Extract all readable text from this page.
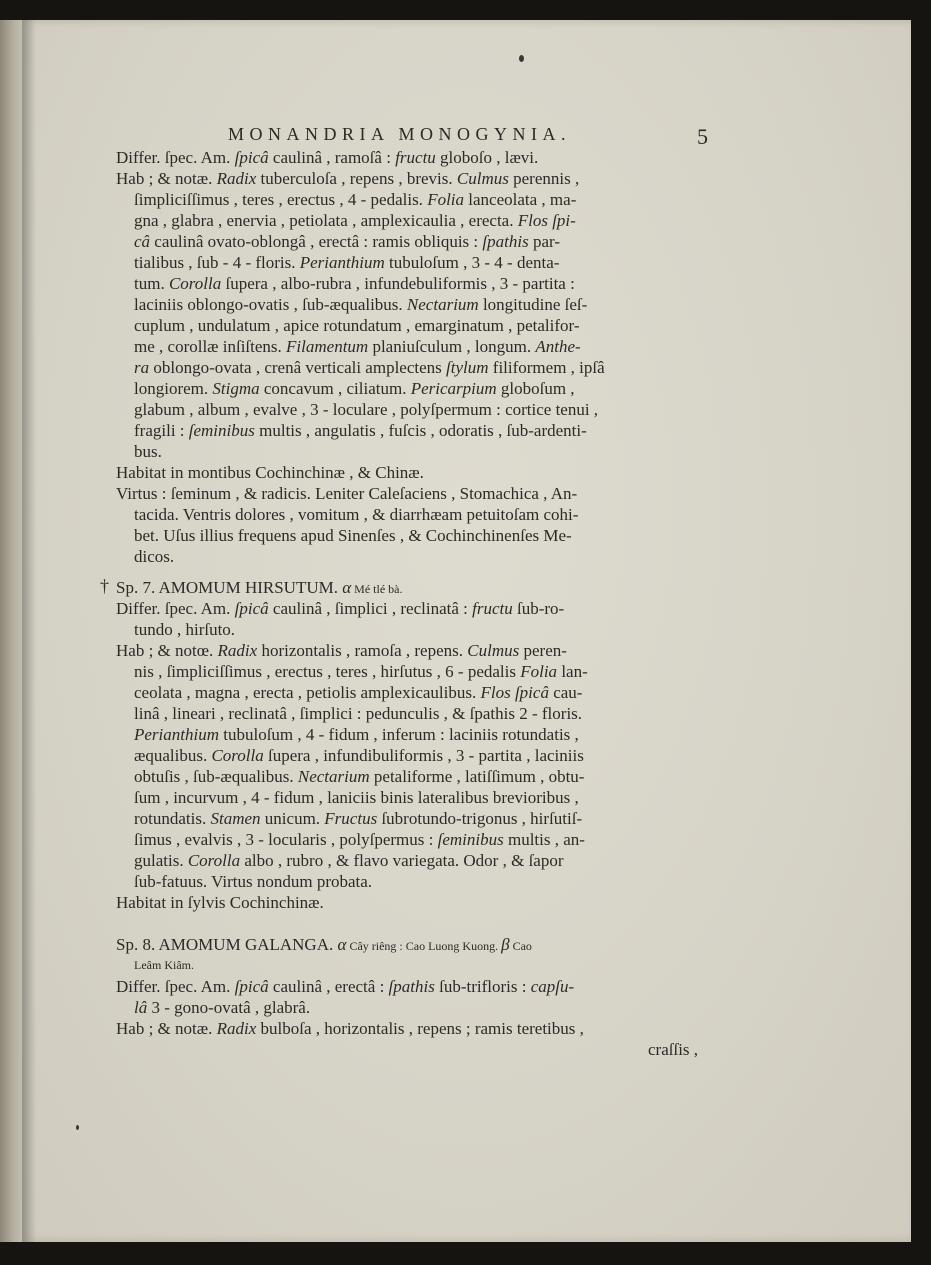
MONANDRIA MONOGYNIA.	5
Differ. ſpec. Am. ſpicâ caulinâ , ramoſâ : fructu globoſo , lævi.
Hab ; & notæ. Radix tuberculoſa , repens , brevis. Culmus perennis ,
ſimpliciſſimus , teres , erectus , 4 - pedalis. Folia lanceolata , ma-
gna , glabra , enervia , petiolata , amplexicaulia , erecta. Flos ſpi-
câ caulinâ ovato-oblongâ , erectâ : ramis obliquis : ſpathis par-
tialibus , ſub - 4 - floris. Perianthium tubuloſum , 3 - 4 - denta-
tum. Corolla ſupera , albo-rubra , infundebuliformis , 3 - partita :
laciniis oblongo-ovatis , ſub-æqualibus. Nectarium longitudine ſeſ-
cuplum , undulatum , apice rotundatum , emarginatum , petalifor-
me , corollæ inſiſtens. Filamentum planiuſculum , longum. Anthe-
ra oblongo-ovata , crenâ verticali amplectens ſtylum filiformem , ipſâ
longiorem. Stigma concavum , ciliatum. Pericarpium globoſum ,
glabum , album , evalve , 3 - loculare , polyſpermum : cortice tenui ,
fragili : ſeminibus multis , angulatis , fuſcis , odoratis , ſub-ardenti-
bus.
Habitat in montibus Cochinchinæ , & Chinæ.
Virtus : ſeminum , & radicis. Leniter Caleſaciens , Stomachica , An-
tacida. Ventris dolores , vomitum , & diarrhæam petuitoſam cohi-
bet. Uſus illius frequens apud Sinenſes , & Cochinchinenſes Me-
dicos.
† Sp. 7. AMOMUM HIRSUTUM. α Mé tlé bà.
Differ. ſpec. Am. ſpicâ caulinâ , ſimplici , reclinatâ : fructu ſub-ro-
tundo , hirſuto.
Hab ; & notœ. Radix horizontalis , ramoſa , repens. Culmus peren-
nis , ſimpliciſſimus , erectus , teres , hirſutus , 6 - pedalis Folia lan-
ceolata , magna , erecta , petiolis amplexicaulibus. Flos ſpicâ cau-
linâ , lineari , reclinatâ , ſimplici : pedunculis , & ſpathis 2 - floris.
Perianthium tubuloſum , 4 - fidum , inferum : laciniis rotundatis ,
æqualibus. Corolla ſupera , infundibuliformis , 3 - partita , laciniis
obtuſis , ſub-æqualibus. Nectarium petaliforme , latiſſimum , obtu-
ſum , incurvum , 4 - fidum , laniciis binis lateralibus brevioribus ,
rotundatis. Stamen unicum. Fructus ſubrotundo-trigonus , hirſutiſ-
ſimus , evalvis , 3 - locularis , polyſpermus : ſeminibus multis , an-
gulatis. Corolla albo , rubro , & flavo variegata. Odor , & ſapor
ſub-fatuus. Virtus nondum probata.
Habitat in ſylvis Cochinchinæ.
Sp. 8. AMOMUM GALANGA. α Cây riêng : Cao Luong Kuong. β Cao
Leâm Kiâm.
Differ. ſpec. Am. ſpicâ caulinâ , erectâ : ſpathis ſub-trifloris : capſu-
lâ 3 - gono-ovatâ , glabrâ.
Hab ; & notæ. Radix bulboſa , horizontalis , repens ; ramis teretibus ,
craſſis ,
